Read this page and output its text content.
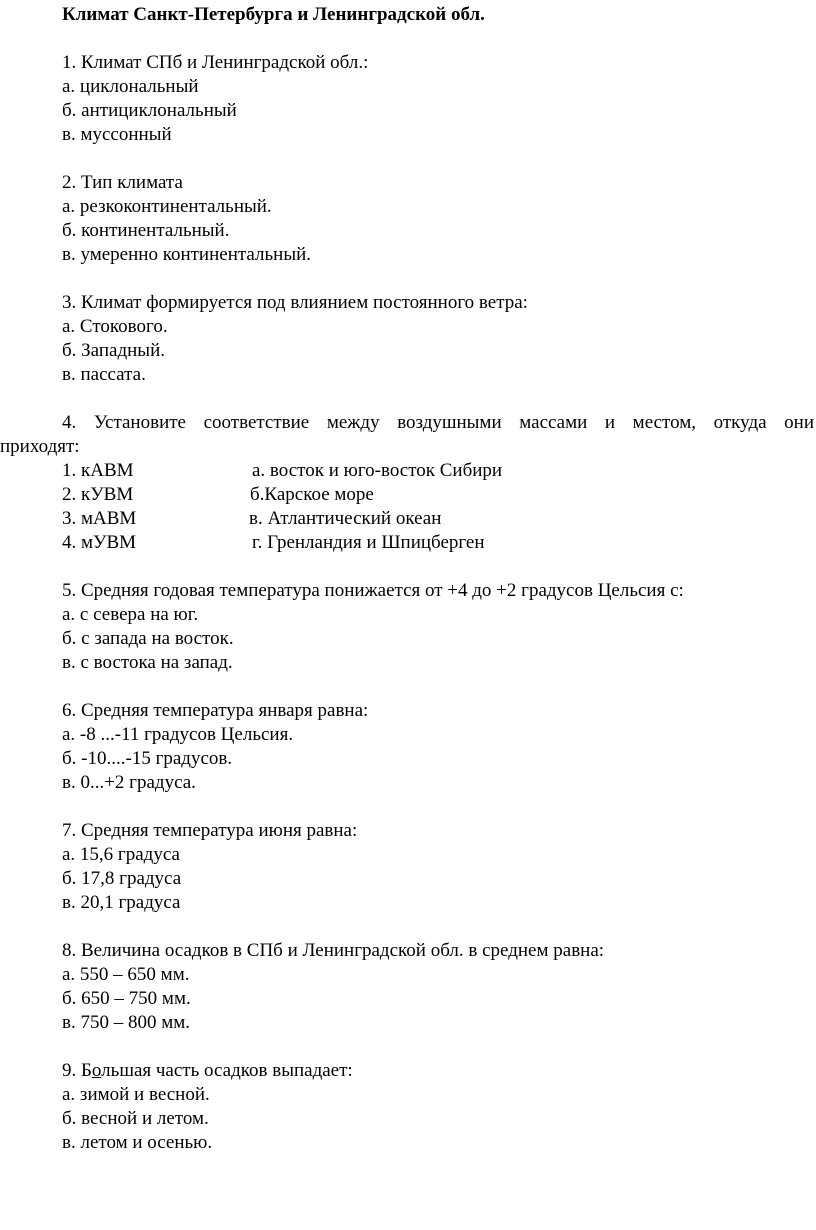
Климат Санкт-Петербурга и Ленинградской обл.
1. Климат СПб и Ленинградской обл.:
а. циклональный
б. антициклональный
в. муссонный
2. Тип климата
а. резкоконтинентальный.
б. континентальный.
в. умеренно континентальный.
3. Климат формируется под влиянием постоянного ветра:
а. Стокового.
б. Западный.
в. пассата.
4. Установите соответствие между воздушными массами и местом, откуда они
приходят:
1. кАВМ
2. кУВМ
3. мАВМ
4. мУВМ
а. восток и юго-восток Сибири
б.Карское море
в. Атлантический океан
г. Гренландия и Шпицберген
5. Средняя годовая температура понижается от +4 до +2 градусов Цельсия с:
а. с севера на юг.
б. с запада на восток.
в. с востока на запад.
6. Средняя температура января равна:
а. -8 ...-11 градусов Цельсия.
б. -10....-15 градусов.
в. 0...+2 градуса.
7. Средняя температура июня равна:
а. 15,6 градуса
б. 17,8 градуса
в. 20,1 градуса
8. Величина осадков в СПб и Ленинградской обл. в среднем равна:
а. 550 – 650 мм.
б. 650 – 750 мм.
в. 750 – 800 мм.
9. Большая часть осадков выпадает:
а. зимой и весной.
б. весной и летом.
в. летом и осенью.
